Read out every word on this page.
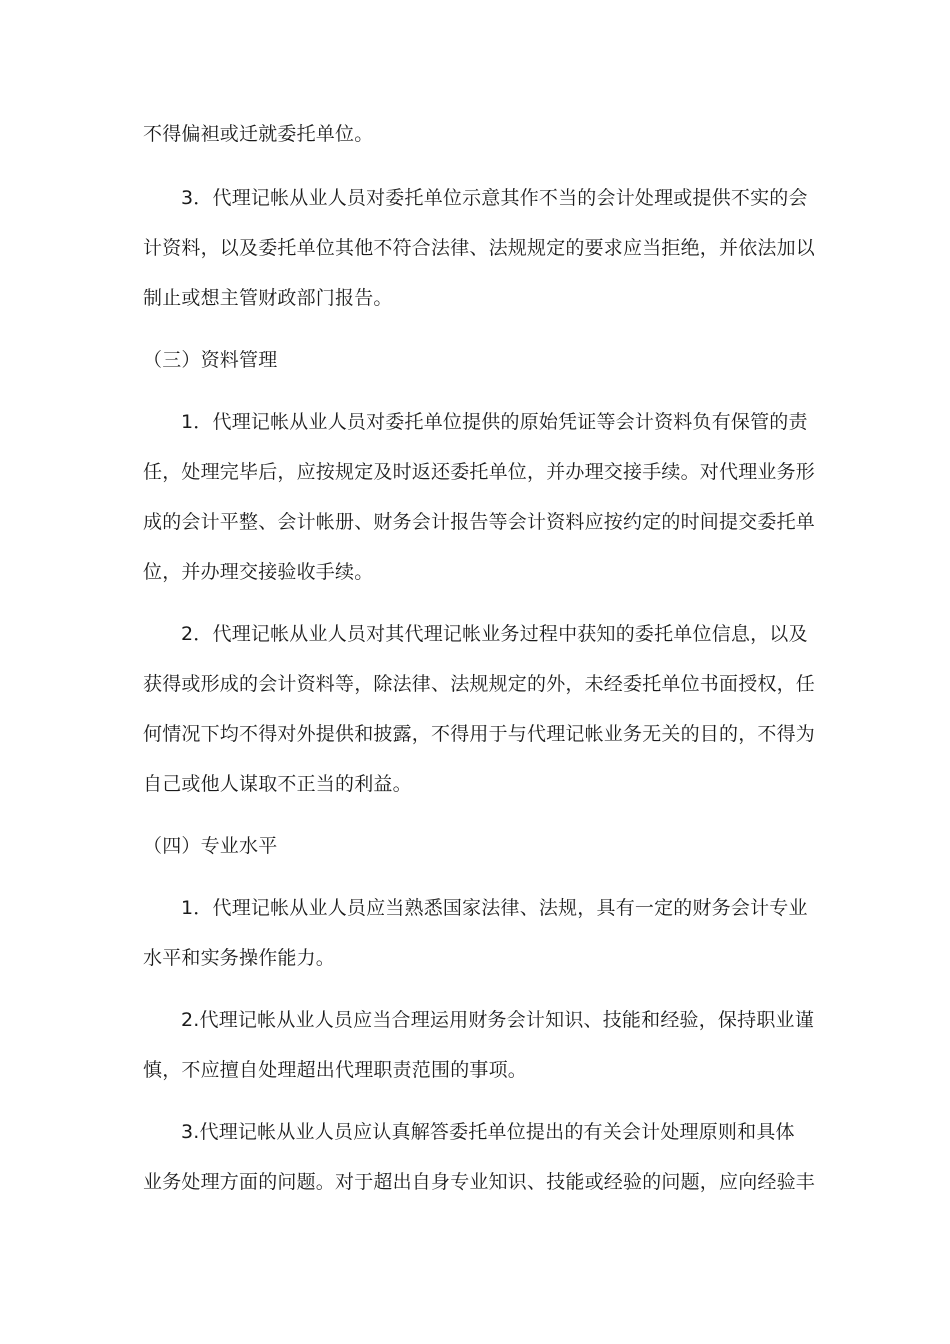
不得偏袒或迁就委托单位。
3．代理记帐从业人员对委托单位示意其作不当的会计处理或提供不实的会
计资料，以及委托单位其他不符合法律、法规规定的要求应当拒绝，并依法加以
制止或想主管财政部门报告。
（三）资料管理
1．代理记帐从业人员对委托单位提供的原始凭证等会计资料负有保管的责
任，处理完毕后，应按规定及时返还委托单位，并办理交接手续。对代理业务形
成的会计平整、会计帐册、财务会计报告等会计资料应按约定的时间提交委托单
位，并办理交接验收手续。
2．代理记帐从业人员对其代理记帐业务过程中获知的委托单位信息，以及
获得或形成的会计资料等，除法律、法规规定的外，未经委托单位书面授权，任
何情况下均不得对外提供和披露，不得用于与代理记帐业务无关的目的，不得为
自己或他人谋取不正当的利益。
（四）专业水平
1．代理记帐从业人员应当熟悉国家法律、法规，具有一定的财务会计专业
水平和实务操作能力。
2.代理记帐从业人员应当合理运用财务会计知识、技能和经验，保持职业谨
慎，不应擅自处理超出代理职责范围的事项。
3.代理记帐从业人员应认真解答委托单位提出的有关会计处理原则和具体
业务处理方面的问题。对于超出自身专业知识、技能或经验的问题，应向经验丰
